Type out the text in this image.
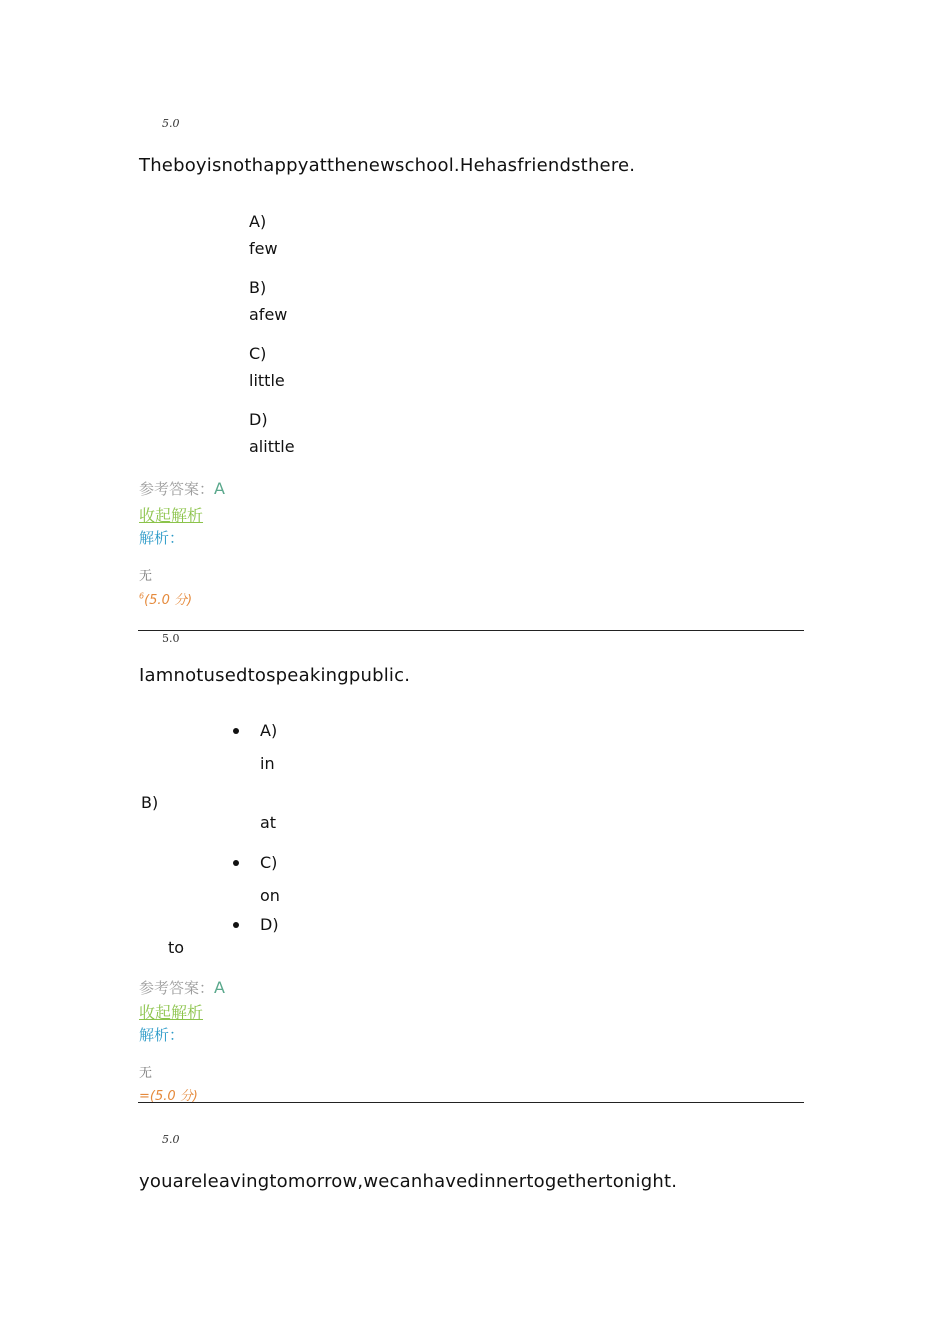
5.0
Theboyisnothappyatthenewschool.Hehasfriendsthere.
A)
few
B)
afew
C)
little
D)
alittle
参考答案：A
收起解析
解析：
无
$^6$(5.0 分)
5.0
Iamnotusedtospeakingpublic.
A)
in
B)
at
C)
on
D)
to
参考答案：A
收起解析
解析：
无
=(5.0 分)
5.0
youareleavingtomorrow,wecanhavedinnertogethertonight.
